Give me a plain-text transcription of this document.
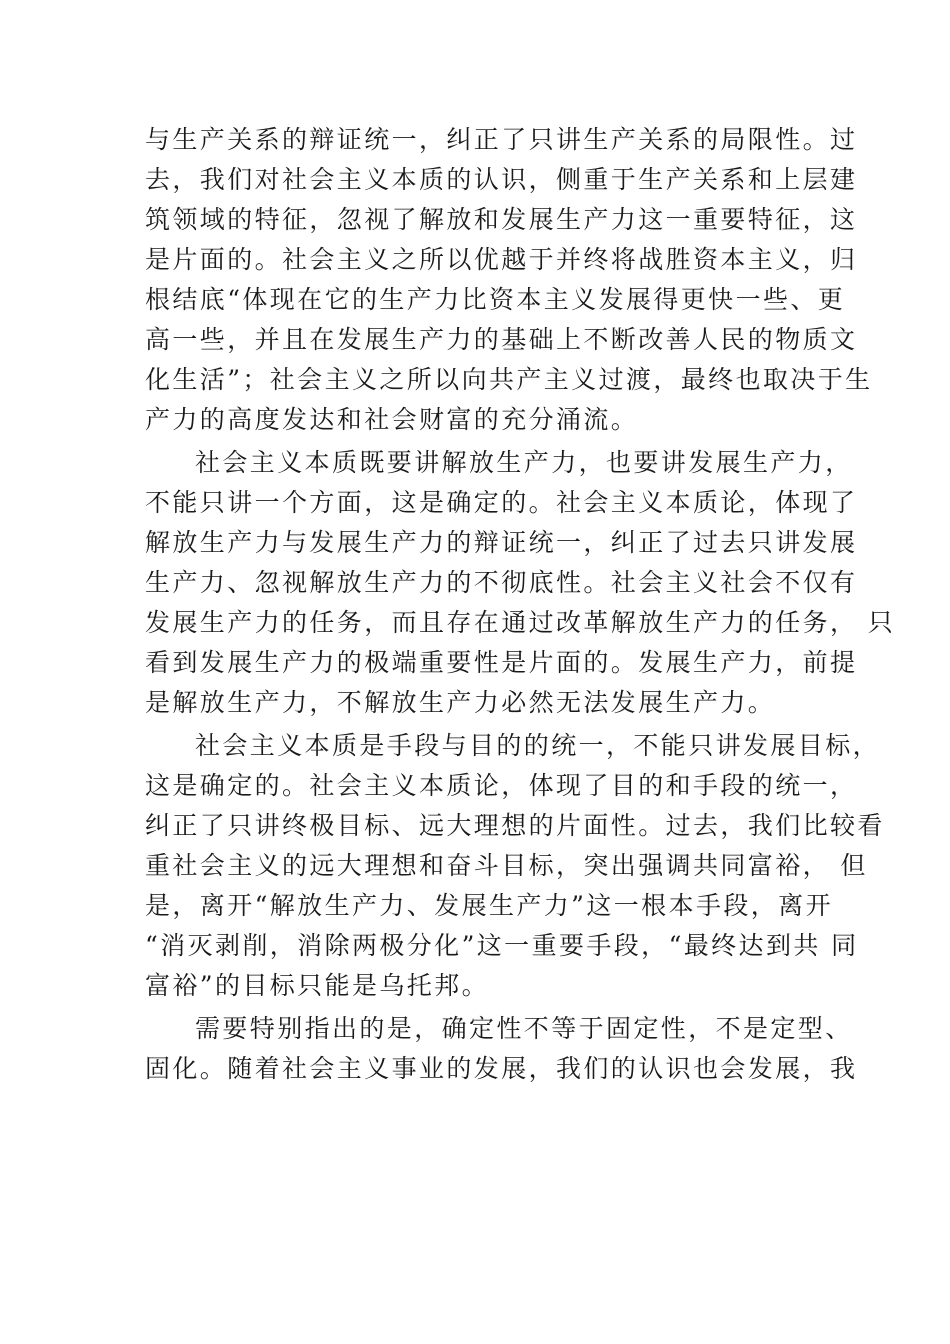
与生产关系的辩证统一，纠正了只讲生产关系的局限性。过
去，我们对社会主义本质的认识，侧重于生产关系和上层建
筑领域的特征，忽视了解放和发展生产力这一重要特征，这
是片面的。社会主义之所以优越于并终将战胜资本主义，归
根结底“体现在它的生产力比资本主义发展得更快一些、更
高一些，并且在发展生产力的基础上不断改善人民的物质文
化生活”；社会主义之所以向共产主义过渡，最终也取决于生
产力的高度发达和社会财富的充分涌流。
社会主义本质既要讲解放生产力，也要讲发展生产力，
不能只讲一个方面，这是确定的。社会主义本质论，体现了
解放生产力与发展生产力的辩证统一，纠正了过去只讲发展
生产力、忽视解放生产力的不彻底性。社会主义社会不仅有
发展生产力的任务，而且存在通过改革解放生产力的任务， 只
看到发展生产力的极端重要性是片面的。发展生产力，前提
是解放生产力，不解放生产力必然无法发展生产力。
社会主义本质是手段与目的的统一，不能只讲发展目标，
这是确定的。社会主义本质论，体现了目的和手段的统一，
纠正了只讲终极目标、远大理想的片面性。过去，我们比较看
重社会主义的远大理想和奋斗目标，突出强调共同富裕， 但
是，离开“解放生产力、发展生产力”这一根本手段，离开
“消灭剥削，消除两极分化”这一重要手段，“最终达到共 同
富裕”的目标只能是乌托邦。
需要特别指出的是，确定性不等于固定性，不是定型、
固化。随着社会主义事业的发展，我们的认识也会发展，我
